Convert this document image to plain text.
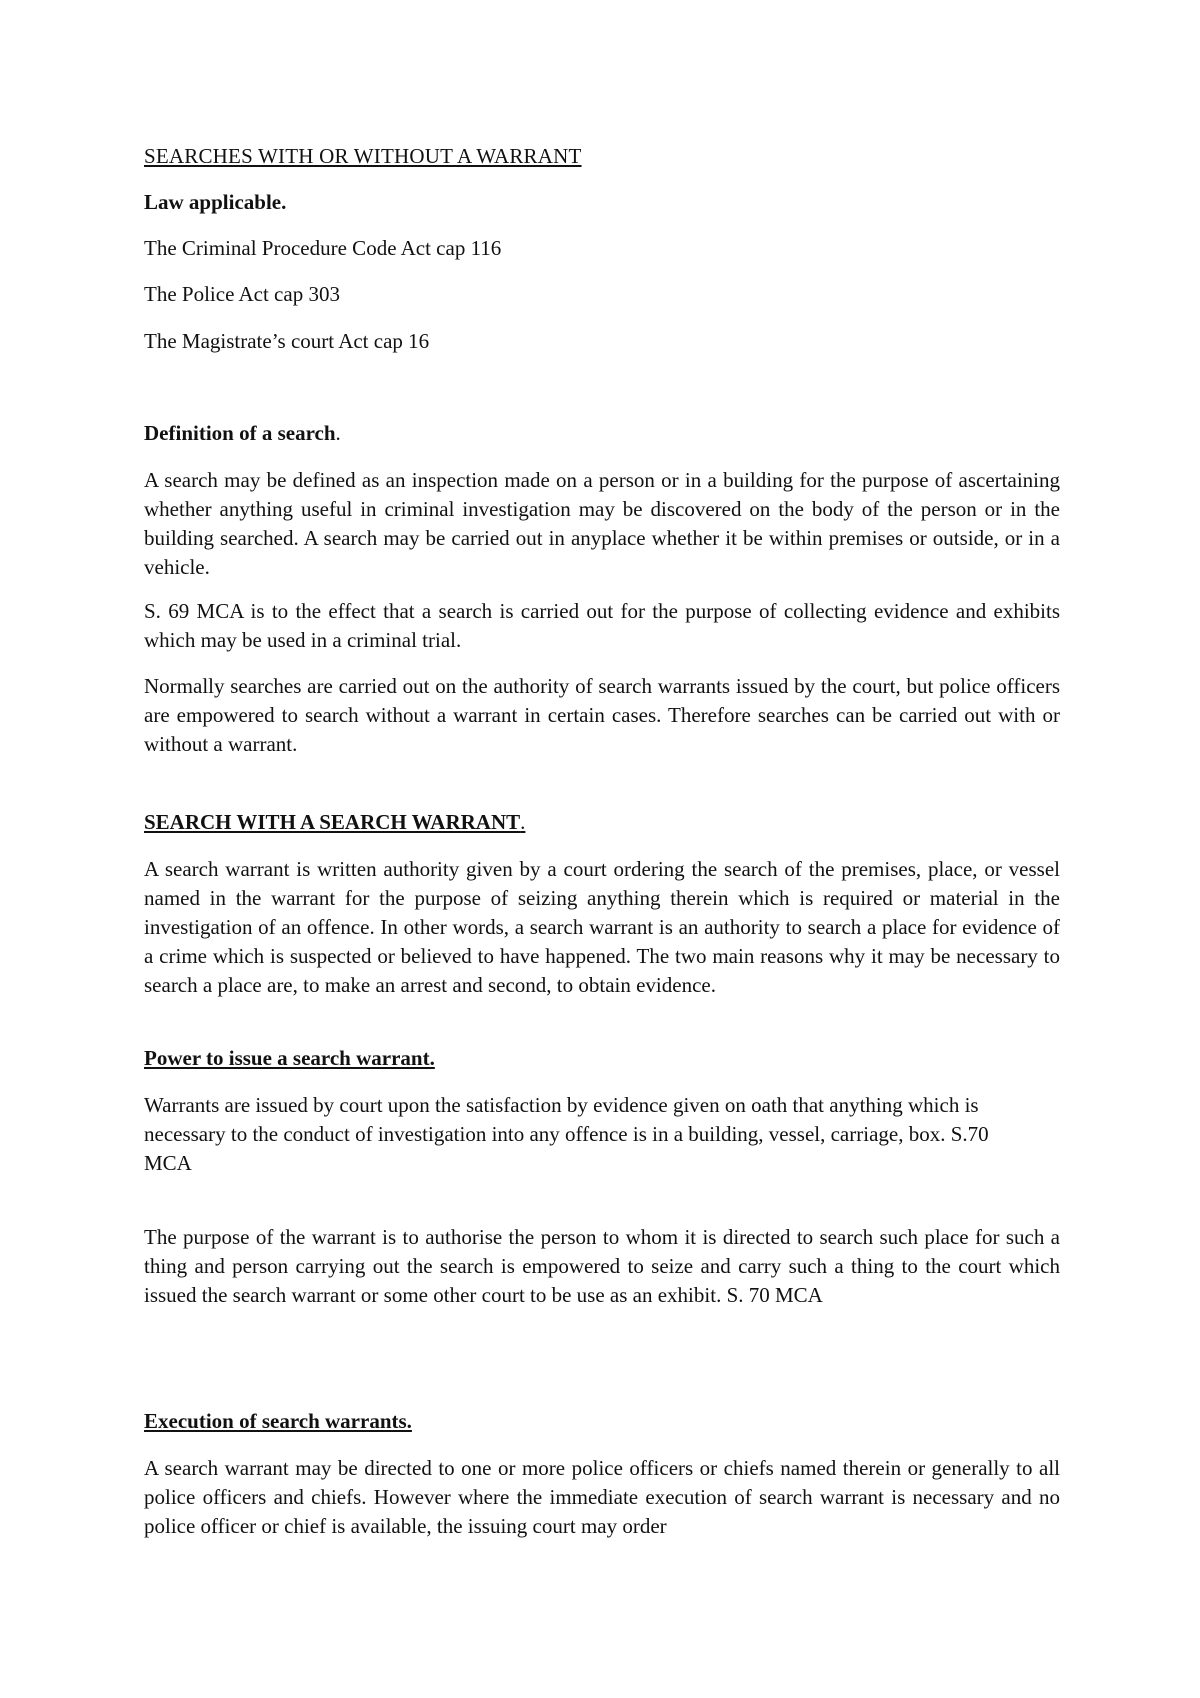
SEARCHES WITH OR WITHOUT A WARRANT

Law applicable.

The Criminal Procedure Code Act cap 116

The Police Act cap 303

The Magistrate’s court Act cap 16

Definition of a search.

A search may be defined as an inspection made on a person or in a building for the purpose of ascertaining whether anything useful in criminal investigation may be discovered on the body of the person or in the building searched. A search may be carried out in anyplace whether it be within premises or outside, or in a vehicle.

S. 69 MCA is to the effect that a search is carried out for the purpose of collecting evidence and exhibits which may be used in a criminal trial.

Normally searches are carried out on the authority of search warrants issued by the court, but police officers are empowered to search without a warrant in certain cases. Therefore searches can be carried out with or without a warrant.

SEARCH WITH A SEARCH WARRANT.

A search warrant is written authority given by a court ordering the search of the premises, place, or vessel named in the warrant for the purpose of seizing anything therein which is required or material in the investigation of an offence. In other words, a search warrant is an authority to search a place for evidence of a crime which is suspected or believed to have happened. The two main reasons why it may be necessary to search a place are, to make an arrest and second, to obtain evidence.

Power to issue a search warrant.

Warrants are issued by court upon the satisfaction by evidence given on oath that anything which is necessary to the conduct of investigation into any offence is in a building, vessel, carriage, box. S.70
MCA

The purpose of the warrant is to authorise the person to whom it is directed to search such place for such a thing and person carrying out the search is empowered to seize and carry such a thing to the court which issued the search warrant or some other court to be use as an exhibit. S. 70 MCA

Execution of search warrants.

A search warrant may be directed to one or more police officers or chiefs named therein or generally to all police officers and chiefs. However where the immediate execution of search warrant is necessary and no police officer or chief is available, the issuing court may order
